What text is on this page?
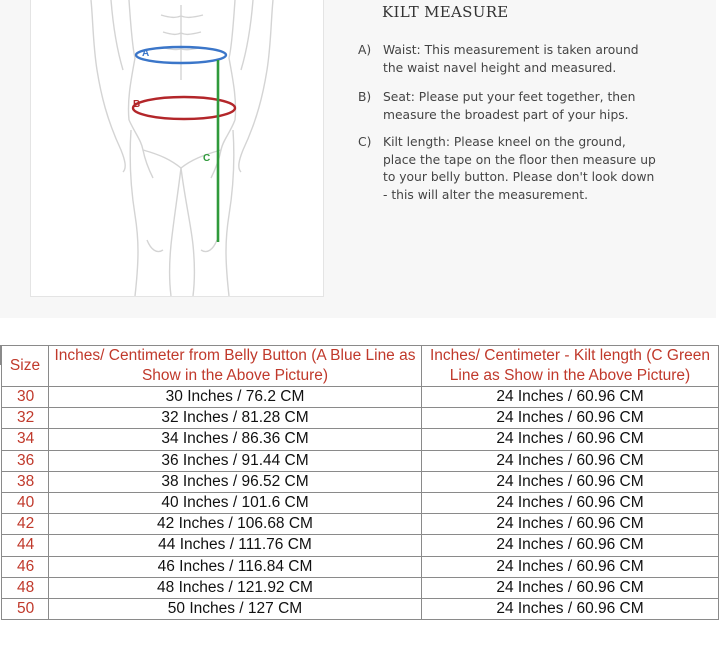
A
B
C
KILT MEASURE
A) Waist: This measurement is taken around the waist navel height and measured.
B) Seat: Please put your feet together, then measure the broadest part of your hips.
C) Kilt length: Please kneel on the ground, place the tape on the floor then measure up to your belly button. Please don't look down - this will alter the measurement.
Size	Inches/ Centimeter from Belly Button (A Blue Line as Show in the Above Picture)	Inches/ Centimeter - Kilt length (C Green Line as Show in the Above Picture)
30	30 Inches / 76.2 CM	24 Inches / 60.96 CM
32	32 Inches / 81.28 CM	24 Inches / 60.96 CM
34	34 Inches / 86.36 CM	24 Inches / 60.96 CM
36	36 Inches / 91.44 CM	24 Inches / 60.96 CM
38	38 Inches / 96.52 CM	24 Inches / 60.96 CM
40	40 Inches / 101.6 CM	24 Inches / 60.96 CM
42	42 Inches / 106.68 CM	24 Inches / 60.96 CM
44	44 Inches / 111.76 CM	24 Inches / 60.96 CM
46	46 Inches / 116.84 CM	24 Inches / 60.96 CM
48	48 Inches / 121.92 CM	24 Inches / 60.96 CM
50	50 Inches / 127 CM	24 Inches / 60.96 CM
